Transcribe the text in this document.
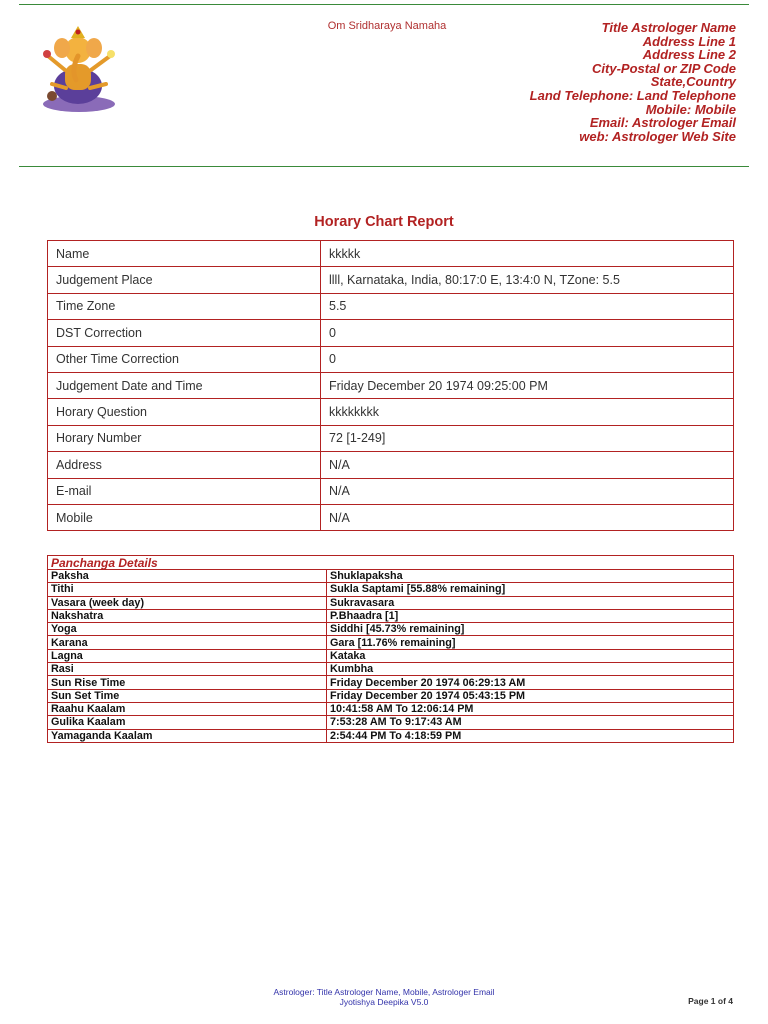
Om Sridharaya Namaha	Title Astrologer Name
Address Line 1
Address Line 2
City-Postal or ZIP Code
State,Country
Land Telephone: Land Telephone
Mobile: Mobile
Email: Astrologer Email
web: Astrologer Web Site
Horary Chart Report
Name	kkkkk
Judgement Place	llll, Karnataka, India, 80:17:0 E, 13:4:0 N, TZone: 5.5
Time Zone	5.5
DST Correction	0
Other Time Correction	0
Judgement Date and Time	Friday December 20 1974 09:25:00 PM
Horary Question	kkkkkkkk
Horary Number	72 [1-249]
Address	N/A
E-mail	N/A
Mobile	N/A
Panchanga Details	
Paksha	Shuklapaksha
Tithi	Sukla Saptami [55.88% remaining]
Vasara (week day)	Sukravasara
Nakshatra	P.Bhaadra [1]
Yoga	Siddhi [45.73% remaining]
Karana	Gara [11.76% remaining]
Lagna	Kataka
Rasi	Kumbha
Sun Rise Time	Friday December 20 1974 06:29:13 AM
Sun Set Time	Friday December 20 1974 05:43:15 PM
Raahu Kaalam	10:41:58 AM To 12:06:14 PM
Gulika Kaalam	7:53:28 AM To 9:17:43 AM
Yamaganda Kaalam	2:54:44 PM To 4:18:59 PM
Astrologer: Title Astrologer Name, Mobile, Astrologer Email
Jyotishya Deepika V5.0	Page 1 of 4
